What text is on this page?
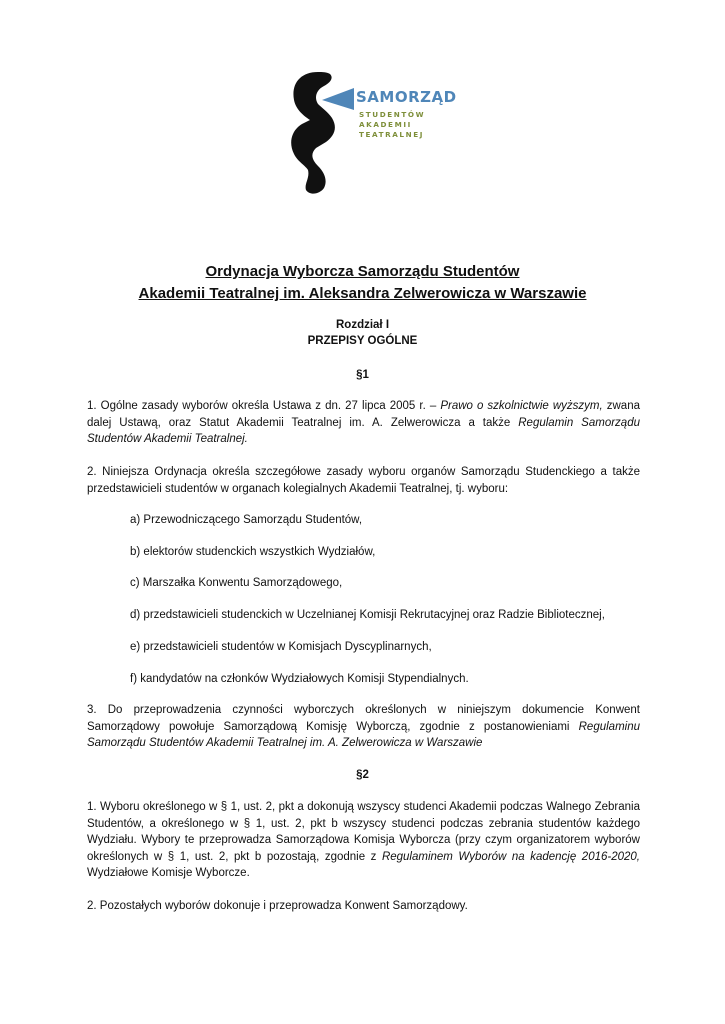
SAMORZĄD
STUDENTÓW
AKADEMII
TEATRALNEJ
Ordynacja Wyborcza Samorządu Studentów
Akademii Teatralnej im. Aleksandra Zelwerowicza w Warszawie
Rozdział I
PRZEPISY OGÓLNE
§1
1. Ogólne zasady wyborów określa Ustawa z dn. 27 lipca 2005 r. – Prawo o szkolnictwie wyższym, zwana dalej Ustawą, oraz Statut Akademii Teatralnej im. A. Zelwerowicza a także Regulamin Samorządu Studentów Akademii Teatralnej.
2. Niniejsza Ordynacja określa szczegółowe zasady wyboru organów Samorządu Studenckiego a także przedstawicieli studentów w organach kolegialnych Akademii Teatralnej, tj. wyboru:
a) Przewodniczącego Samorządu Studentów,
b) elektorów studenckich wszystkich Wydziałów,
c) Marszałka Konwentu Samorządowego,
d) przedstawicieli studenckich w Uczelnianej Komisji Rekrutacyjnej oraz Radzie Bibliotecznej,
e) przedstawicieli studentów w Komisjach Dyscyplinarnych,
f) kandydatów na członków Wydziałowych Komisji Stypendialnych.
3. Do przeprowadzenia czynności wyborczych określonych w niniejszym dokumencie Konwent Samorządowy powołuje Samorządową Komisję Wyborczą, zgodnie z postanowieniami Regulaminu Samorządu Studentów Akademii Teatralnej im. A. Zelwerowicza w Warszawie
§2
1. Wyboru określonego w § 1, ust. 2, pkt a dokonują wszyscy studenci Akademii podczas Walnego Zebrania Studentów, a określonego w § 1, ust. 2, pkt b wszyscy studenci podczas zebrania studentów każdego Wydziału. Wybory te przeprowadza Samorządowa Komisja Wyborcza (przy czym organizatorem wyborów określonych w § 1, ust. 2, pkt b pozostają, zgodnie z Regulaminem Wyborów na kadencję 2016-2020, Wydziałowe Komisje Wyborcze.
2. Pozostałych wyborów dokonuje i przeprowadza Konwent Samorządowy.
